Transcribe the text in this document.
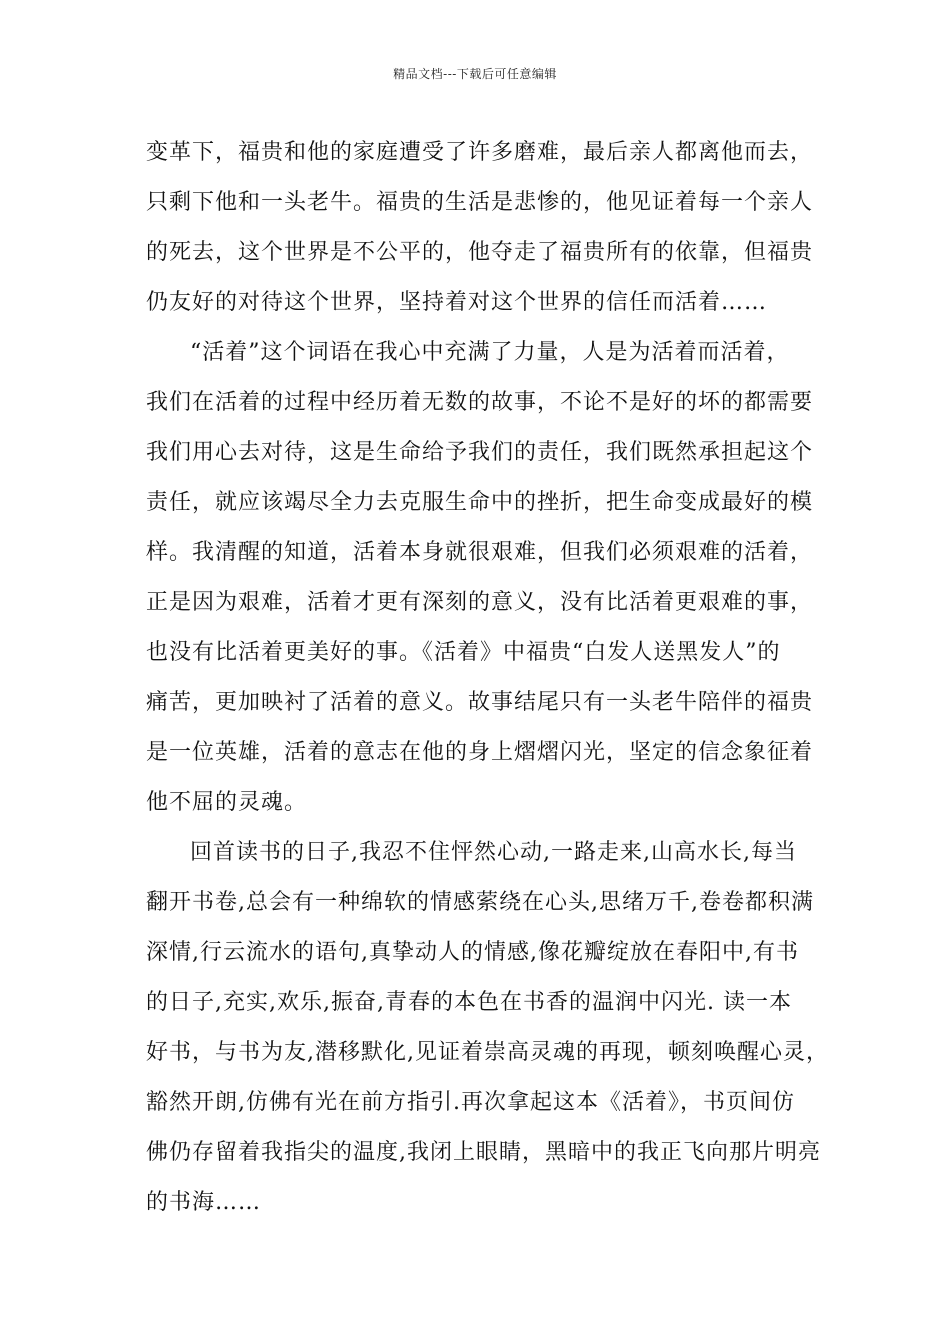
精品文档---下载后可任意编辑
变革下，福贵和他的家庭遭受了许多磨难，最后亲人都离他而去，
只剩下他和一头老牛。福贵的生活是悲惨的，他见证着每一个亲人
的死去，这个世界是不公平的，他夺走了福贵所有的依靠，但福贵
仍友好的对待这个世界，坚持着对这个世界的信任而活着……
“活着”这个词语在我心中充满了力量，人是为活着而活着，
我们在活着的过程中经历着无数的故事，不论不是好的坏的都需要
我们用心去对待，这是生命给予我们的责任，我们既然承担起这个
责任，就应该竭尽全力去克服生命中的挫折，把生命变成最好的模
样。我清醒的知道，活着本身就很艰难，但我们必须艰难的活着，
正是因为艰难，活着才更有深刻的意义，没有比活着更艰难的事，
也没有比活着更美好的事。《活着》中福贵“白发人送黑发人”的
痛苦，更加映衬了活着的意义。故事结尾只有一头老牛陪伴的福贵
是一位英雄，活着的意志在他的身上熠熠闪光，坚定的信念象征着
他不屈的灵魂。
回首读书的日子,我忍不住怦然心动,一路走来,山高水长,每当
翻开书卷,总会有一种绵软的情感萦绕在心头,思绪万千,卷卷都积满
深情,行云流水的语句,真挚动人的情感,像花瓣绽放在春阳中,有书
的日子,充实,欢乐,振奋,青春的本色在书香的温润中闪光. 读一本
好书，与书为友,潜移默化,见证着崇高灵魂的再现，顿刻唤醒心灵，
豁然开朗,仿佛有光在前方指引.再次拿起这本《活着》，书页间仿
佛仍存留着我指尖的温度,我闭上眼睛，黑暗中的我正飞向那片明亮
的书海……
